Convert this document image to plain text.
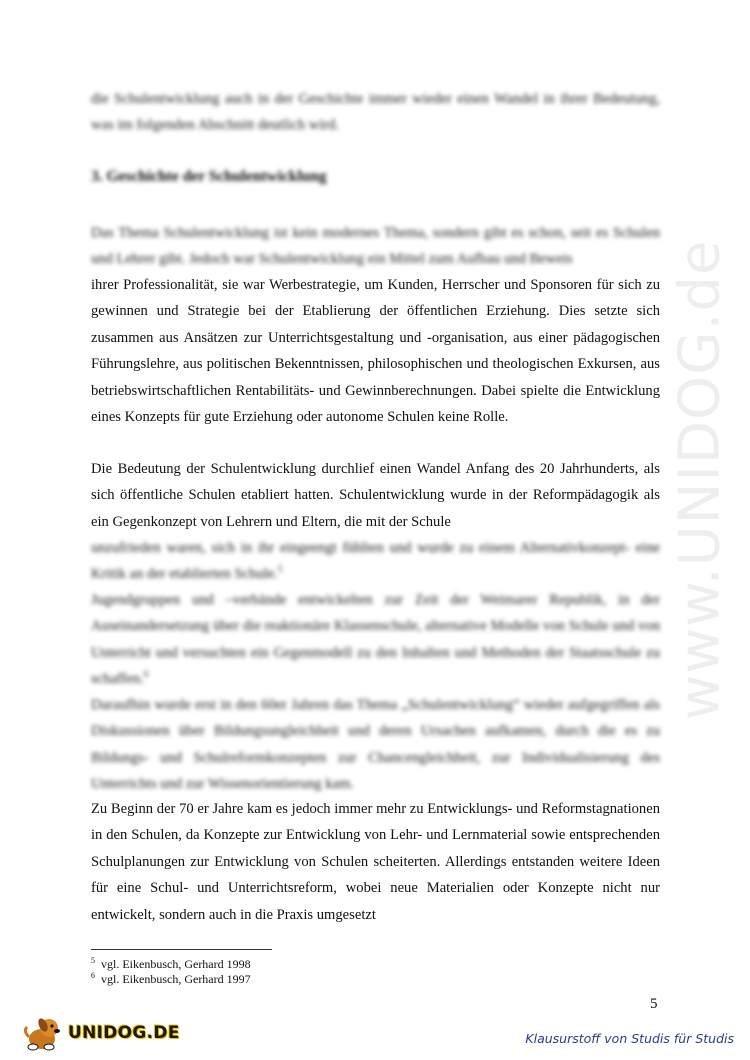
www.UNIDOG.de

die Schulentwicklung auch in der Geschichte immer wieder einen Wandel in ihrer Bedeutung, was im folgenden Abschnitt deutlich wird.

3. Geschichte der Schulentwicklung

Das Thema Schulentwicklung ist kein modernes Thema, sondern gibt es schon, seit es Schulen und Lehrer gibt. Jedoch war Schulentwicklung ein Mittel zum Aufbau und Beweis

ihrer Professionalität, sie war Werbestrategie, um Kunden, Herrscher und Sponsoren für sich zu gewinnen und Strategie bei der Etablierung der öffentlichen Erziehung. Dies setzte sich zusammen aus Ansätzen zur Unterrichtsgestaltung und -organisation, aus einer pädagogischen Führungslehre, aus politischen Bekenntnissen, philosophischen und theologischen Exkursen, aus betriebswirtschaftlichen Rentabilitäts- und Gewinnberechnungen. Dabei spielte die Entwicklung eines Konzepts für gute Erziehung oder autonome Schulen keine Rolle.

Die Bedeutung der Schulentwicklung durchlief einen Wandel Anfang des 20 Jahrhunderts, als sich öffentliche Schulen etabliert hatten. Schulentwicklung wurde in der Reformpädagogik als ein Gegenkonzept von Lehrern und Eltern, die mit der Schule

unzufrieden waren, sich in ihr eingeengt fühlten und wurde zu einem Alternativkonzept- eine Kritik an der etablierten Schule.$^5$

Jugendgruppen und –verbände entwickelten zur Zeit der Weimarer Republik, in der Auseinandersetzung über die reaktionäre Klassenschule, alternative Modelle von Schule und von Unterricht und versuchten ein Gegenmodell zu den Inhalten und Methoden der Staatsschule zu schaffen.$^6$

Daraufhin wurde erst in den 60er Jahren das Thema „Schulentwicklung“ wieder aufgegriffen als Diskussionen über Bildungsungleichheit und deren Ursachen aufkamen, durch die es zu Bildungs- und Schulreformkonzepten zur Chancengleichheit, zur Individualisierung des Unterrichts und zur Wissenorientierung kam.

Zu Beginn der 70 er Jahre kam es jedoch immer mehr zu Entwicklungs- und Reformstagnationen in den Schulen, da Konzepte zur Entwicklung von Lehr- und Lernmaterial sowie entsprechenden Schulplanungen zur Entwicklung von Schulen scheiterten. Allerdings entstanden weitere Ideen für eine Schul- und Unterrichtsreform, wobei neue Materialien oder Konzepte nicht nur entwickelt, sondern auch in die Praxis umgesetzt

$^5$ vgl. Eikenbusch, Gerhard 1998
$^6$ vgl. Eikenbusch, Gerhard 1997
5
UNIDOG.DE	Klausurstoff von Studis für Studis
